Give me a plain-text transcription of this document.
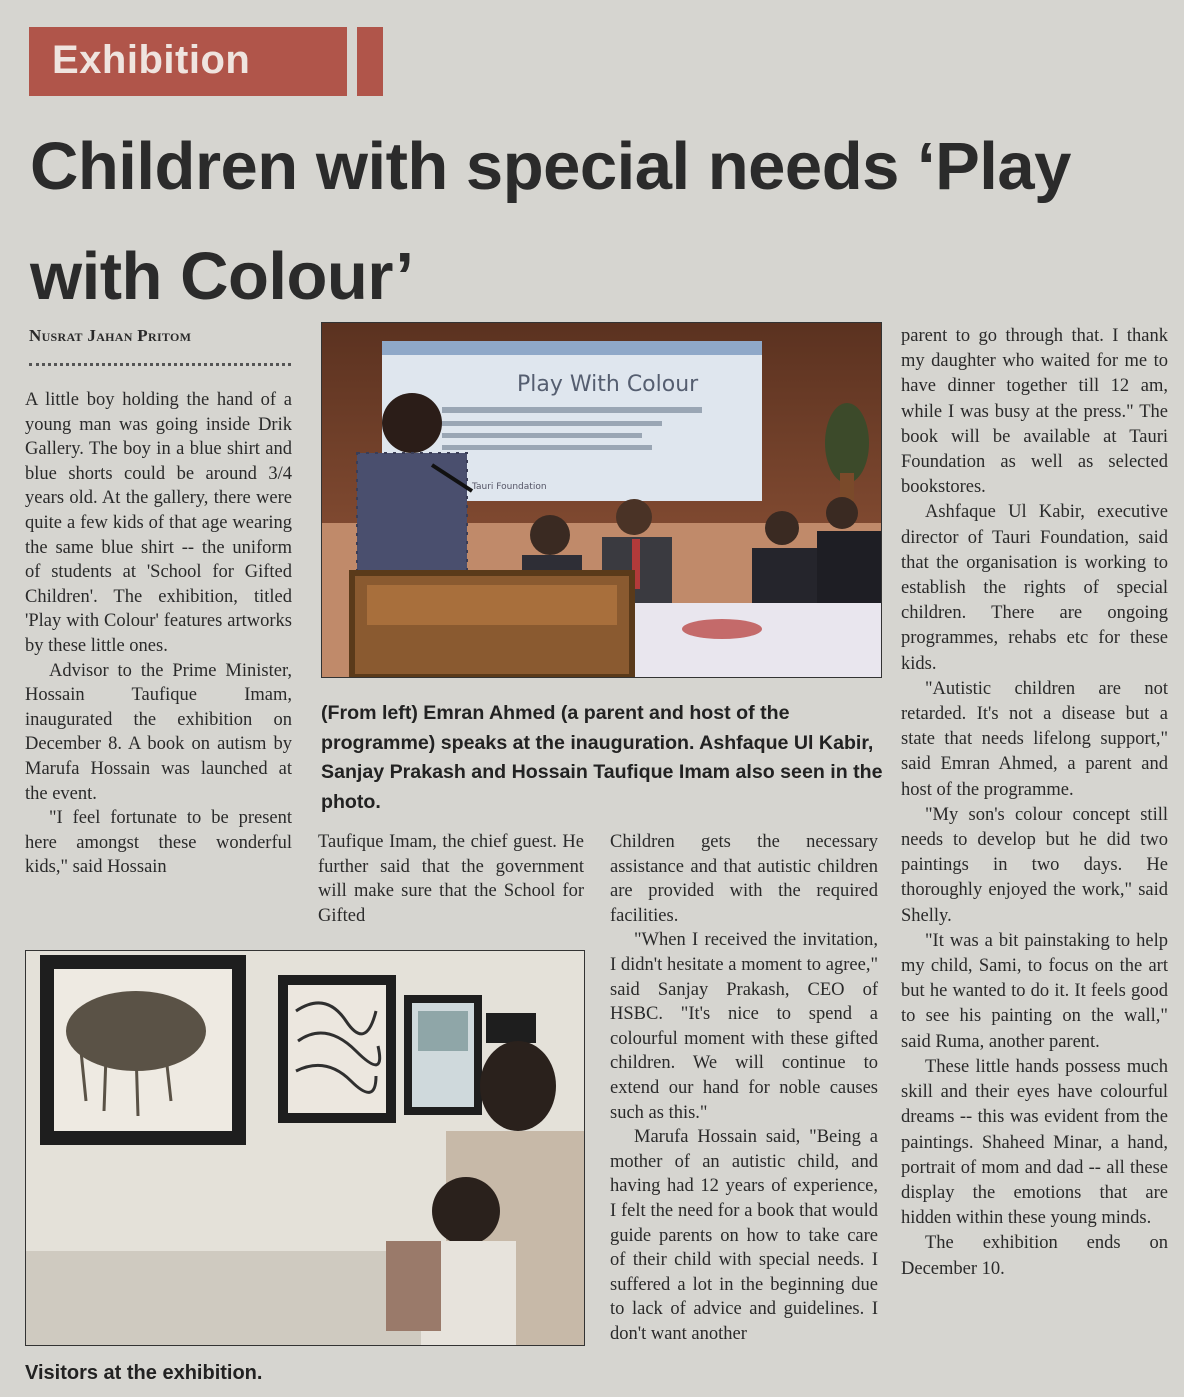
Exhibition
Children with special needs ‘Play with Colour’
Nusrat Jahan Pritom

A little boy holding the hand of a young man was going inside Drik Gallery. The boy in a blue shirt and blue shorts could be around 3/4 years old. At the gallery, there were quite a few kids of that age wearing the same blue shirt -- the uniform of students at 'School for Gifted Children'. The exhibition, titled 'Play with Colour' features artworks by these little ones.

Advisor to the Prime Minister, Hossain Taufique Imam, inaugurated the exhibition on December 8. A book on autism by Marufa Hossain was launched at the event.

"I feel fortunate to be present here amongst these wonderful kids," said Hossain

Play With Colour
Tauri Foundation
(From left) Emran Ahmed (a parent and host of the programme) speaks at the inauguration. Ashfaque Ul Kabir, Sanjay Prakash and Hossain Taufique Imam also seen in the photo.

Taufique Imam, the chief guest. He further said that the government will make sure that the School for Gifted

Children gets the necessary assistance and that autistic children are provided with the required facilities.

"When I received the invitation, I didn't hesitate a moment to agree," said Sanjay Prakash, CEO of HSBC. "It's nice to spend a colourful moment with these gifted children. We will continue to extend our hand for noble causes such as this."

Marufa Hossain said, "Being a mother of an autistic child, and having had 12 years of experience, I felt the need for a book that would guide parents on how to take care of their child with special needs. I suffered a lot in the beginning due to lack of advice and guidelines. I don't want another

parent to go through that. I thank my daughter who waited for me to have dinner together till 12 am, while I was busy at the press." The book will be available at Tauri Foundation as well as selected bookstores.

Ashfaque Ul Kabir, executive director of Tauri Foundation, said that the organisation is working to establish the rights of special children. There are ongoing programmes, rehabs etc for these kids.

"Autistic children are not retarded. It's not a disease but a state that needs lifelong support," said Emran Ahmed, a parent and host of the programme.

"My son's colour concept still needs to develop but he did two paintings in two days. He thoroughly enjoyed the work," said Shelly.

"It was a bit painstaking to help my child, Sami, to focus on the art but he wanted to do it. It feels good to see his painting on the wall," said Ruma, another parent.

These little hands possess much skill and their eyes have colourful dreams -- this was evident from the paintings. Shaheed Minar, a hand, portrait of mom and dad -- all these display the emotions that are hidden within these young minds.

The exhibition ends on December 10.

Visitors at the exhibition.
